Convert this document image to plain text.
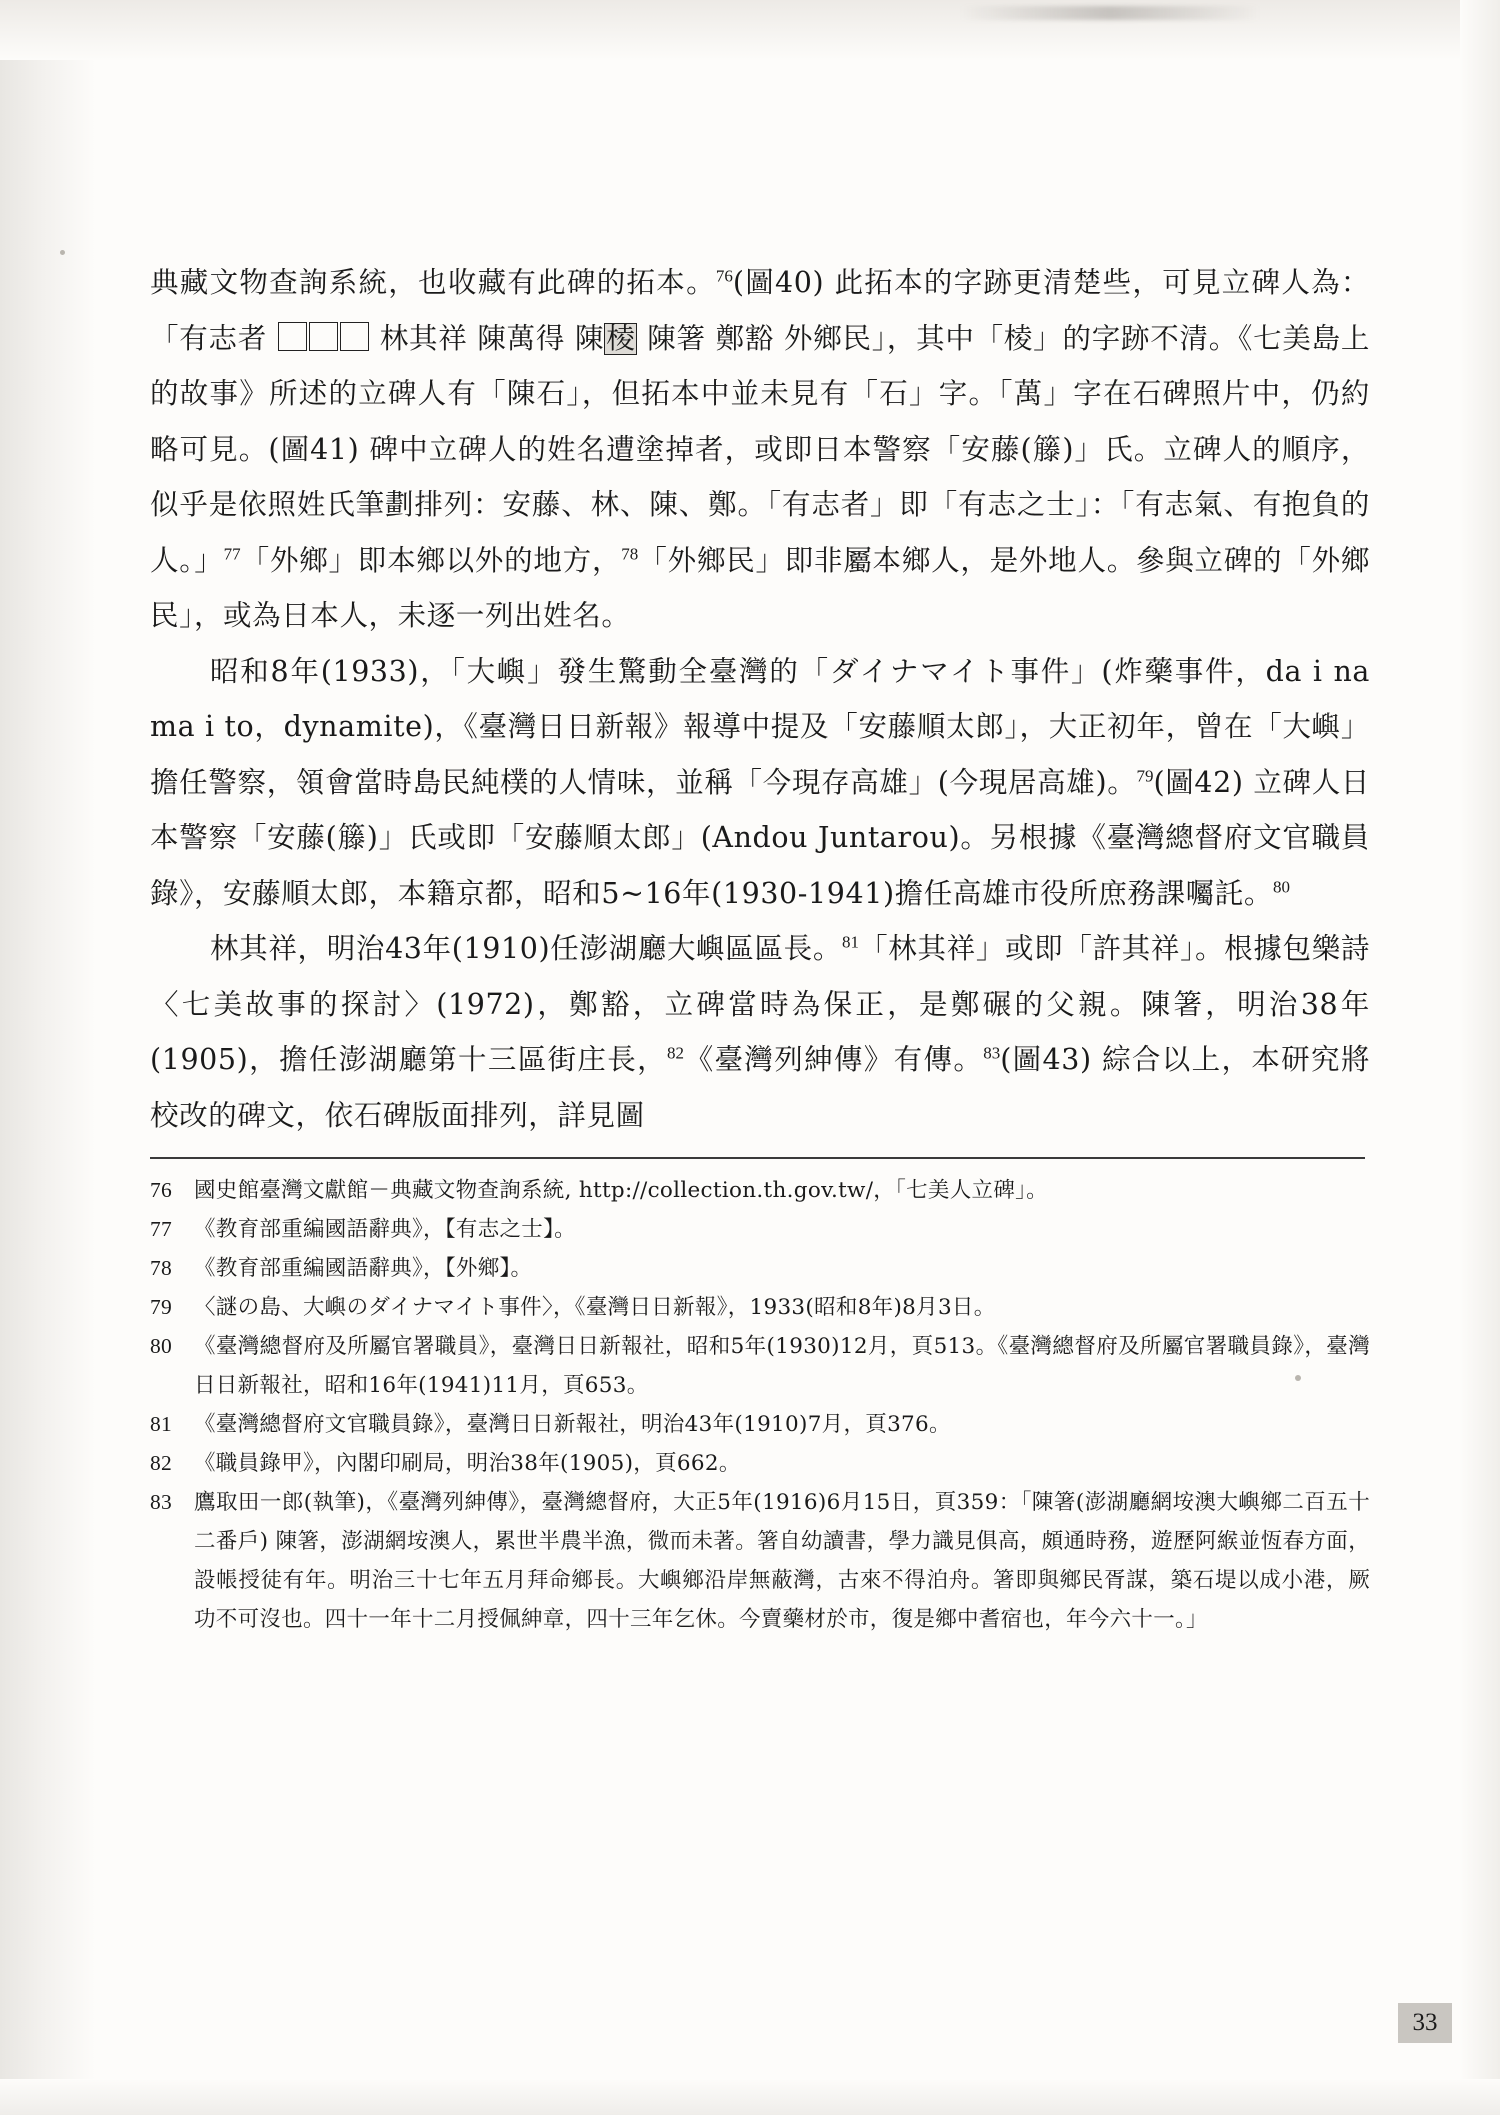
典藏文物查詢系統，也收藏有此碑的拓本。$^{76}$(圖40) 此拓本的字跡更清楚些，可見立碑人為：「有志者	林其祥 陳萬得 陳棱 陳箸 鄭豁 外鄉民」，其中「棱」的字跡不清。《七美島上的故事》所述的立碑人有「陳石」，但拓本中並未見有「石」字。「萬」字在石碑照片中，仍約略可見。(圖41) 碑中立碑人的姓名遭塗掉者，或即日本警察「安藤(籐)」氏。立碑人的順序，似乎是依照姓氏筆劃排列：安藤、林、陳、鄭。「有志者」即「有志之士」：「有志氣、有抱負的人。」$^{77}$「外鄉」即本鄉以外的地方，$^{78}$「外鄉民」即非屬本鄉人，是外地人。參與立碑的「外鄉民」，或為日本人，未逐一列出姓名。

昭和8年(1933)，「大嶼」發生驚動全臺灣的「ダイナマイト事件」(炸藥事件，da i na ma i to，dynamite)，《臺灣日日新報》報導中提及「安藤順太郎」，大正初年，曾在「大嶼」擔任警察，領會當時島民純樸的人情味，並稱「今現存高雄」(今現居高雄)。$^{79}$(圖42) 立碑人日本警察「安藤(籐)」氏或即「安藤順太郎」(Andou Juntarou)。另根據《臺灣總督府文官職員錄》，安藤順太郎，本籍京都，昭和5~16年(1930-1941)擔任高雄市役所庶務課囑託。$^{80}$

林其祥，明治43年(1910)任澎湖廳大嶼區區長。$^{81}$「林其祥」或即「許其祥」。根據包樂詩〈七美故事的探討〉(1972)，鄭豁，立碑當時為保正，是鄭碾的父親。陳箸，明治38年(1905)，擔任澎湖廳第十三區街庄長，$^{82}$《臺灣列紳傳》有傳。$^{83}$(圖43) 綜合以上，本研究將校改的碑文，依石碑版面排列，詳見圖

76	國史館臺灣文獻館－典藏文物查詢系統, http://collection.th.gov.tw/，「七美人立碑」。
77	《教育部重編國語辭典》，【有志之士】。
78	《教育部重編國語辭典》，【外鄉】。
79	〈謎の島、大嶼のダイナマイト事件〉，《臺灣日日新報》，1933(昭和8年)8月3日。
80	《臺灣總督府及所屬官署職員》，臺灣日日新報社，昭和5年(1930)12月，頁513。《臺灣總督府及所屬官署職員錄》，臺灣日日新報社，昭和16年(1941)11月，頁653。
81	《臺灣總督府文官職員錄》，臺灣日日新報社，明治43年(1910)7月，頁376。
82	《職員錄甲》，內閣印刷局，明治38年(1905)，頁662。
83	鷹取田一郎(執筆)，《臺灣列紳傳》，臺灣總督府，大正5年(1916)6月15日，頁359：「陳箸(澎湖廳網垵澳大嶼鄉二百五十二番戶) 陳箸，澎湖網垵澳人，累世半農半漁，微而未著。箸自幼讀書，學力識見俱高，頗通時務，遊歷阿緱並恆春方面，設帳授徒有年。明治三十七年五月拜命鄉長。大嶼鄉沿岸無蔽灣，古來不得泊舟。箸即與鄉民胥謀，築石堤以成小港，厥功不可沒也。四十一年十二月授佩紳章，四十三年乞休。今賣藥材於市，復是鄉中耆宿也，年今六十一。」
33
